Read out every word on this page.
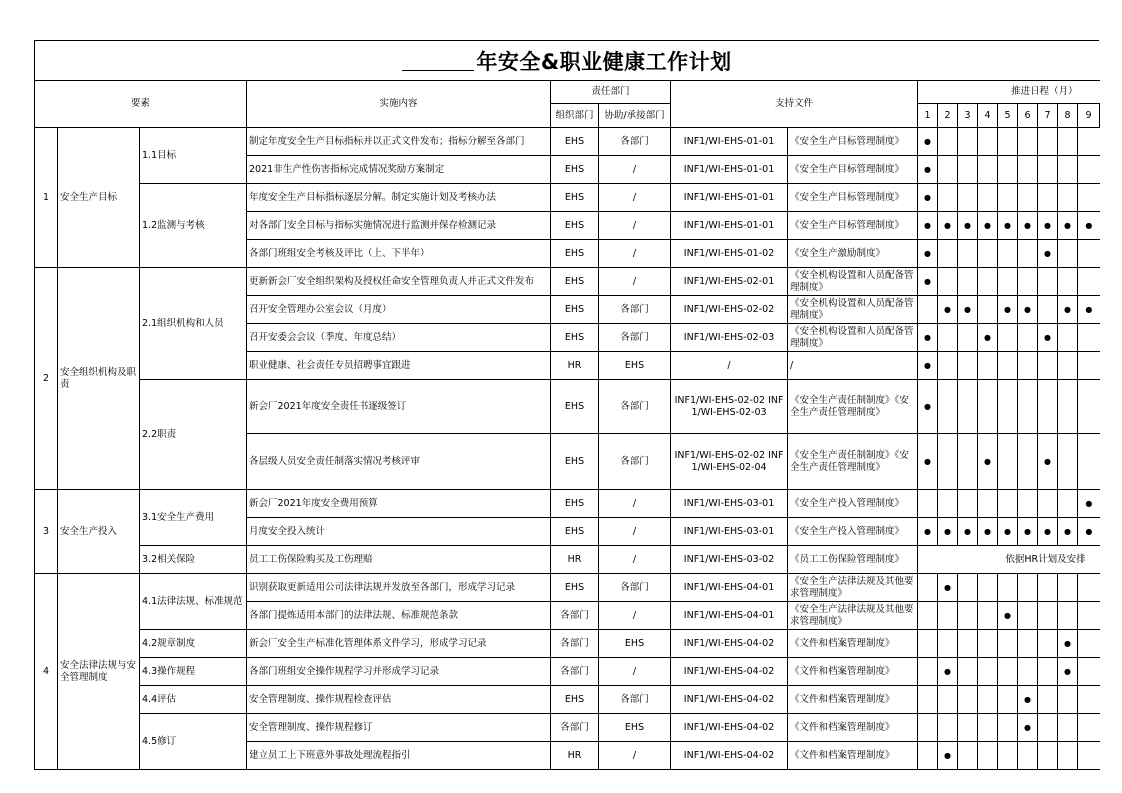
年安全&职业健康工作计划
要素			实施内容	责任部门		支持文件		推进日程（月）								
				组织部门	协助/承接部门			1	2	3	4	5	6	7	8	9
1	安全生产目标	1.1目标	制定年度安全生产目标指标并以正式文件发布；指标分解至各部门	EHS	各部门	INF1/WI-EHS-01-01	《安全生产目标管理制度》	●								
			2021非生产性伤害指标完成情况奖励方案制定	EHS	/	INF1/WI-EHS-01-01	《安全生产目标管理制度》	●								
		1.2监测与考核	年度安全生产目标指标逐层分解。制定实施计划及考核办法	EHS	/	INF1/WI-EHS-01-01	《安全生产目标管理制度》	●								
			对各部门安全目标与指标实施情况进行监测并保存检测记录	EHS	/	INF1/WI-EHS-01-01	《安全生产目标管理制度》	●	●	●	●	●	●	●	●	●
			各部门班组安全考核及评比（上、下半年）	EHS	/	INF1/WI-EHS-01-02	《安全生产激励制度》	●						●		
2	安全组织机构及职责	2.1组织机构和人员	更新新会厂安全组织架构及授权任命安全管理负责人并正式文件发布	EHS	/	INF1/WI-EHS-02-01	《安全机构设置和人员配备管理制度》	●								
			召开安全管理办公室会议（月度）	EHS	各部门	INF1/WI-EHS-02-02	《安全机构设置和人员配备管理制度》		●	●		●	●		●	●
			召开安委会会议（季度、年度总结）	EHS	各部门	INF1/WI-EHS-02-03	《安全机构设置和人员配备管理制度》	●			●			●		
			职业健康、社会责任专员招聘事宜跟进	HR	EHS	/	/	●								
		2.2职责	新会厂2021年度安全责任书逐级签订	EHS	各部门	INF1/WI-EHS-02-02 INF1/WI-EHS-02-03	《安全生产责任制制度》《安全生产责任管理制度》	●								
			各层级人员安全责任制落实情况考核评审	EHS	各部门	INF1/WI-EHS-02-02 INF1/WI-EHS-02-04	《安全生产责任制制度》《安全生产责任管理制度》	●			●			●		
3	安全生产投入	3.1安全生产费用	新会厂2021年度安全费用预算	EHS	/	INF1/WI-EHS-03-01	《安全生产投入管理制度》									●
			月度安全投入统计	EHS	/	INF1/WI-EHS-03-01	《安全生产投入管理制度》	●	●	●	●	●	●	●	●	●
		3.2相关保险	员工工伤保险购买及工伤理赔	HR	/	INF1/WI-EHS-03-02	《员工工伤保险管理制度》	依据HR计划及安排								
4	安全法律法规与安全管理制度	4.1法律法规、标准规范	识别获取更新适用公司法律法规并发放至各部门，形成学习记录	EHS	各部门	INF1/WI-EHS-04-01	《安全生产法律法规及其他要求管理制度》		●							
			各部门提炼适用本部门的法律法规、标准规范条款	各部门	/	INF1/WI-EHS-04-01	《安全生产法律法规及其他要求管理制度》					●				
		4.2规章制度	新会厂安全生产标准化管理体系文件学习，形成学习记录	各部门	EHS	INF1/WI-EHS-04-02	《文件和档案管理制度》								●	
		4.3操作规程	各部门班组安全操作规程学习并形成学习记录	各部门	/	INF1/WI-EHS-04-02	《文件和档案管理制度》		●						●	
		4.4评估	安全管理制度、操作规程检查评估	EHS	各部门	INF1/WI-EHS-04-02	《文件和档案管理制度》						●			
		4.5修订	安全管理制度、操作规程修订	各部门	EHS	INF1/WI-EHS-04-02	《文件和档案管理制度》						●			
			建立员工上下班意外事故处理流程指引	HR	/	INF1/WI-EHS-04-02	《文件和档案管理制度》		●							
